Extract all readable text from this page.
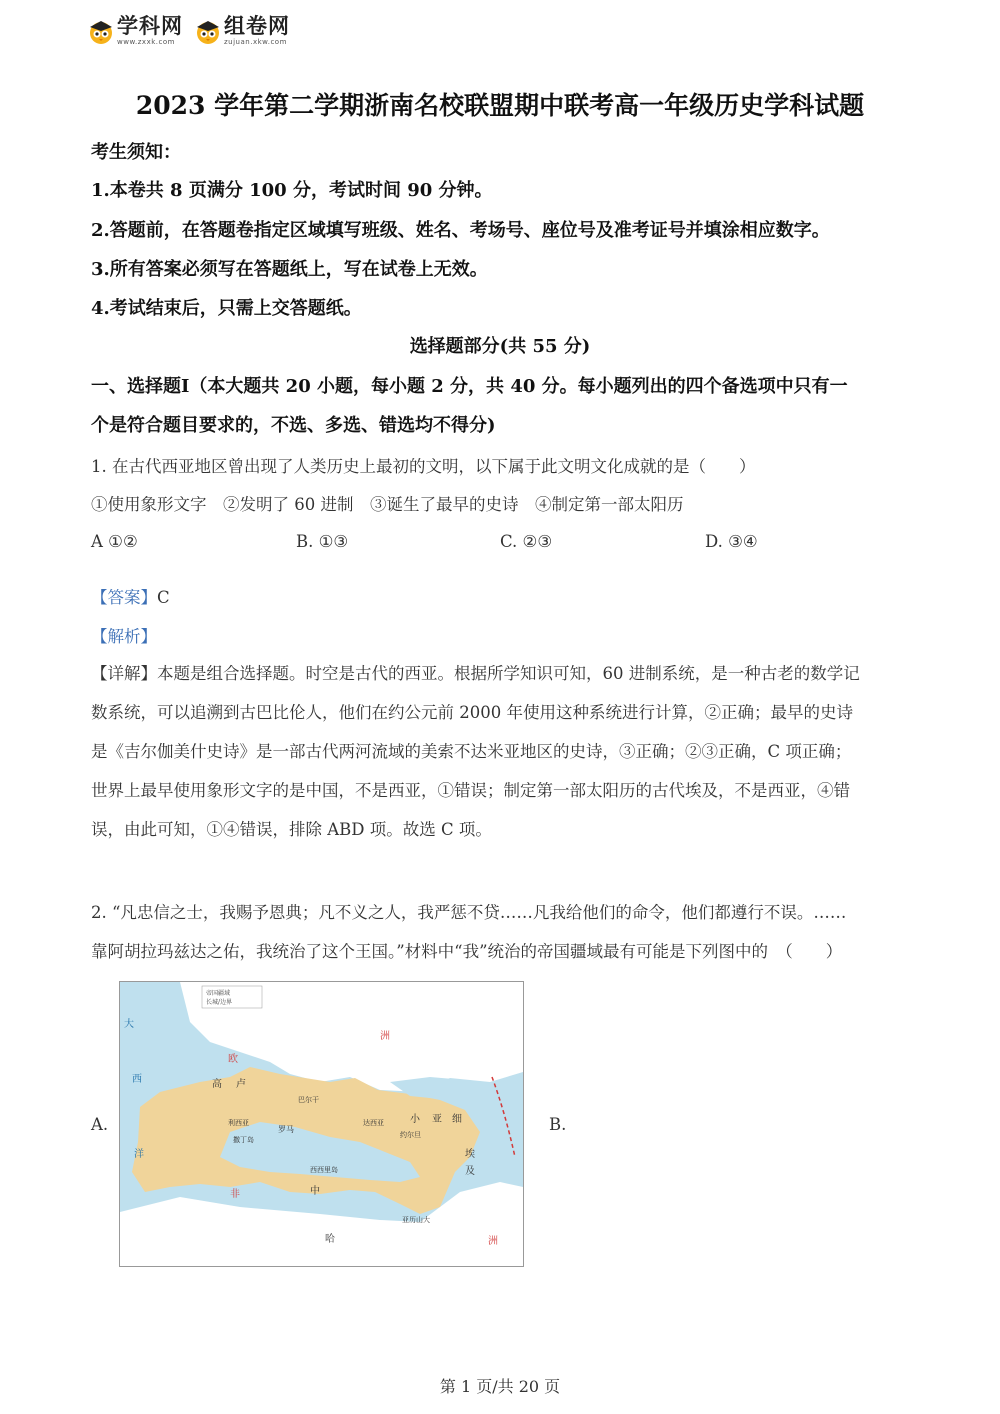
学科网
www.zxxk.com
组卷网
zujuan.xkw.com
2023 学年第二学期浙南名校联盟期中联考高一年级历史学科试题
考生须知：
1.本卷共 8 页满分 100 分，考试时间 90 分钟。
2.答题前，在答题卷指定区域填写班级、姓名、考场号、座位号及准考证号并填涂相应数字。
3.所有答案必须写在答题纸上，写在试卷上无效。
4.考试结束后，只需上交答题纸。
选择题部分(共 55 分)
一、选择题Ⅰ（本大题共 20 小题，每小题 2 分，共 40 分。每小题列出的四个备选项中只有一
个是符合题目要求的，不选、多选、错选均不得分)
1. 在古代西亚地区曾出现了人类历史上最初的文明，以下属于此文明文化成就的是（　　）
①使用象形文字　②发明了 60 进制　③诞生了最早的史诗　④制定第一部太阳历
A ①②	B. ①③	C. ②③	D. ③④
【答案】C
【解析】
【详解】本题是组合选择题。时空是古代的西亚。根据所学知识可知，60 进制系统，是一种古老的数学记
数系统，可以追溯到古巴比伦人，他们在约公元前 2000 年使用这种系统进行计算，②正确；最早的史诗
是《吉尔伽美什史诗》是一部古代两河流域的美索不达米亚地区的史诗，③正确；②③正确，C 项正确；
世界上最早使用象形文字的是中国，不是西亚，①错误；制定第一部太阳历的古代埃及，不是西亚，④错
误，由此可知，①④错误，排除 ABD 项。故选 C 项。
2. “凡忠信之士，我赐予恩典；凡不义之人，我严惩不贷……凡我给他们的命令，他们都遵行不误。……
靠阿胡拉玛兹达之佑，我统治了这个王国。”材料中“我”统治的帝国疆域最有可能是下列图中的　（　　）
A.	B.
帝国疆域
长城/边界
欧
高 卢
洲
罗马
利西亚
撒丁岛
西西里岛
达西亚
约尔旦
小 亚 细
非	中
哈
埃
及
洲
巴尔干
亚历山大
大
西
洋
第 1 页/共 20 页
